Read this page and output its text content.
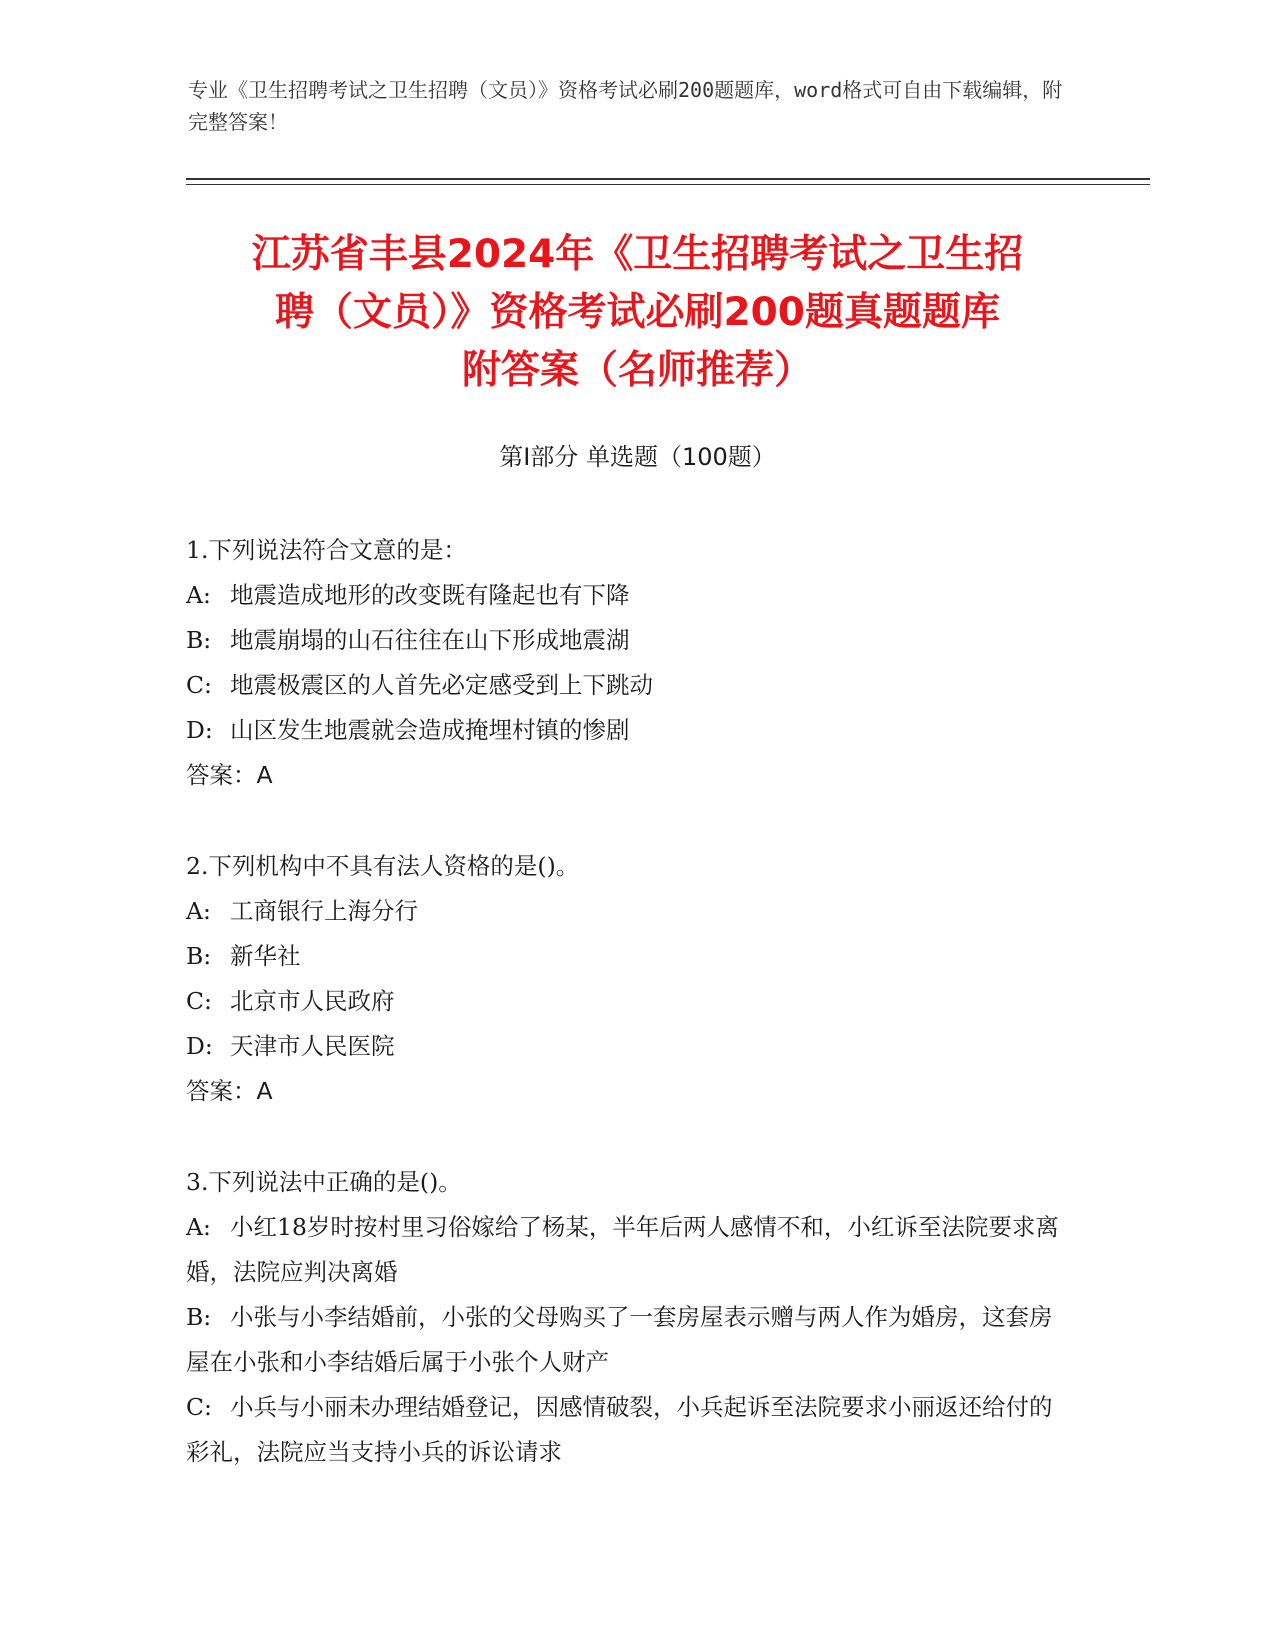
专业《卫生招聘考试之卫生招聘（文员）》资格考试必刷200题题库，word格式可自由下载编辑，附完整答案！
江苏省丰县2024年《卫生招聘考试之卫生招
聘（文员）》资格考试必刷200题真题题库
附答案（名师推荐）
第Ⅰ部分 单选题（100题）
1.下列说法符合文意的是：
A: 地震造成地形的改变既有隆起也有下降
B: 地震崩塌的山石往往在山下形成地震湖
C: 地震极震区的人首先必定感受到上下跳动
D: 山区发生地震就会造成掩埋村镇的惨剧
答案：A
2.下列机构中不具有法人资格的是()。
A: 工商银行上海分行
B: 新华社
C: 北京市人民政府
D: 天津市人民医院
答案：A
3.下列说法中正确的是()。
A: 小红18岁时按村里习俗嫁给了杨某，半年后两人感情不和，小红诉至法院要求离婚，法院应判决离婚
B: 小张与小李结婚前，小张的父母购买了一套房屋表示赠与两人作为婚房，这套房屋在小张和小李结婚后属于小张个人财产
C: 小兵与小丽未办理结婚登记，因感情破裂，小兵起诉至法院要求小丽返还给付的彩礼，法院应当支持小兵的诉讼请求
